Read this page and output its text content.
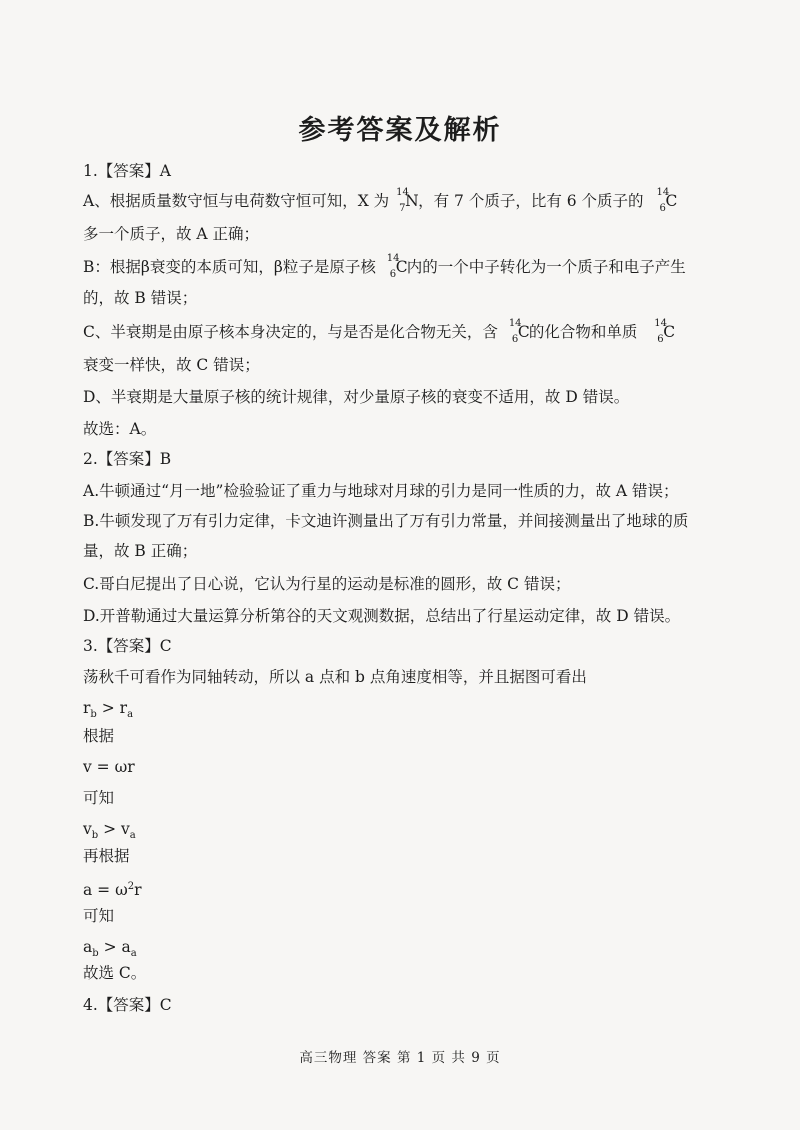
参考答案及解析
1.【答案】A
A、根据质量数守恒与电荷数守恒可知，X 为 14
7 N ，有 7 个质子，比有 6 个质子的 14
6 C
多一个质子，故 A 正确；
B：根据β衰变的本质可知，β粒子是原子核 14
6 C 内的一个中子转化为一个质子和电子产生
的，故 B 错误；
C、半衰期是由原子核本身决定的，与是否是化合物无关，含 14
6 C 的化合物和单质 14
6 C
衰变一样快，故 C 错误；
D、半衰期是大量原子核的统计规律，对少量原子核的衰变不适用，故 D 错误。
故选：A。
2.【答案】B
A.牛顿通过“月一地”检验验证了重力与地球对月球的引力是同一性质的力，故 A 错误；
B.牛顿发现了万有引力定律，卡文迪许测量出了万有引力常量，并间接测量出了地球的质
量，故 B 正确；
C.哥白尼提出了日心说，它认为行星的运动是标准的圆形，故 C 错误；
D.开普勒通过大量运算分析第谷的天文观测数据，总结出了行星运动定律，故 D 错误。
3.【答案】C
荡秋千可看作为同轴转动，所以 a 点和 b 点角速度相等，并且据图可看出
$r_b > r_a$
根据
v = ωr
可知
$v_b > v_a$
再根据
$a = \omega^2r$
可知
$a_b > a_a$
故选 C。
4.【答案】C
高三物理 答案 第 1 页 共 9 页
